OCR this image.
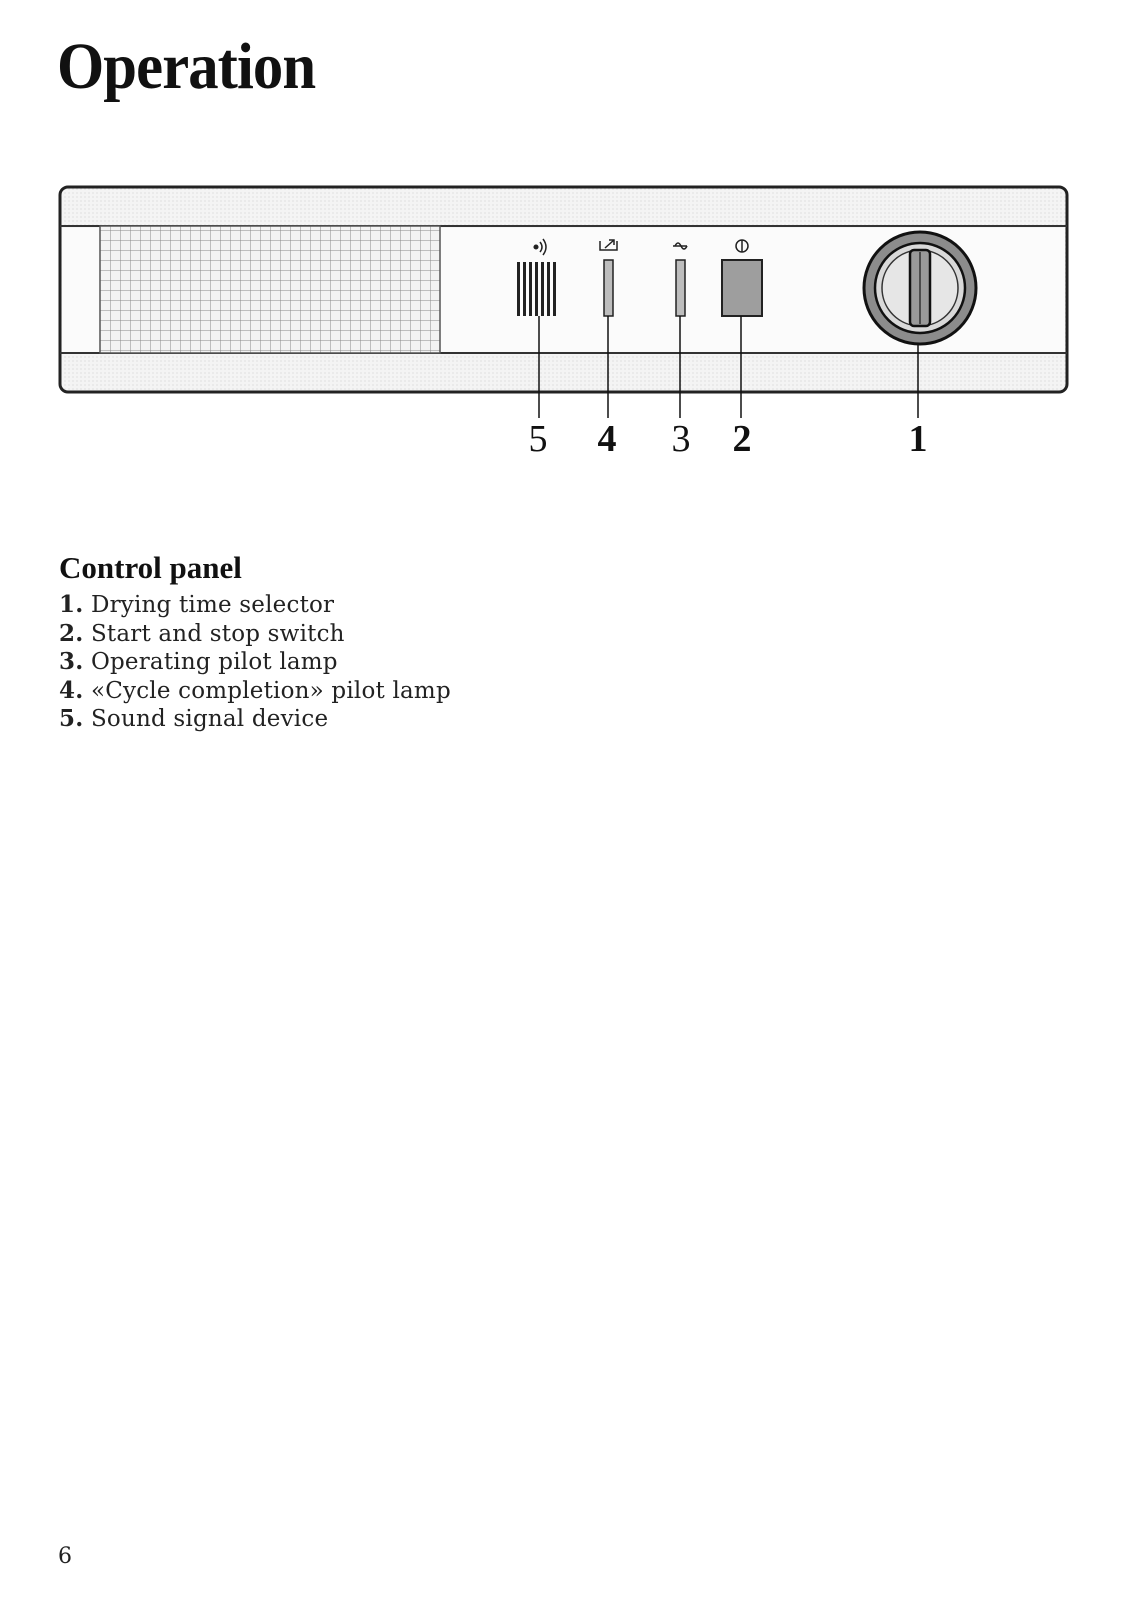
Operation
5 4 3 2	1
Control panel
1. Drying time selector
2. Start and stop switch
3. Operating pilot lamp
4. «Cycle completion» pilot lamp
5. Sound signal device
6
